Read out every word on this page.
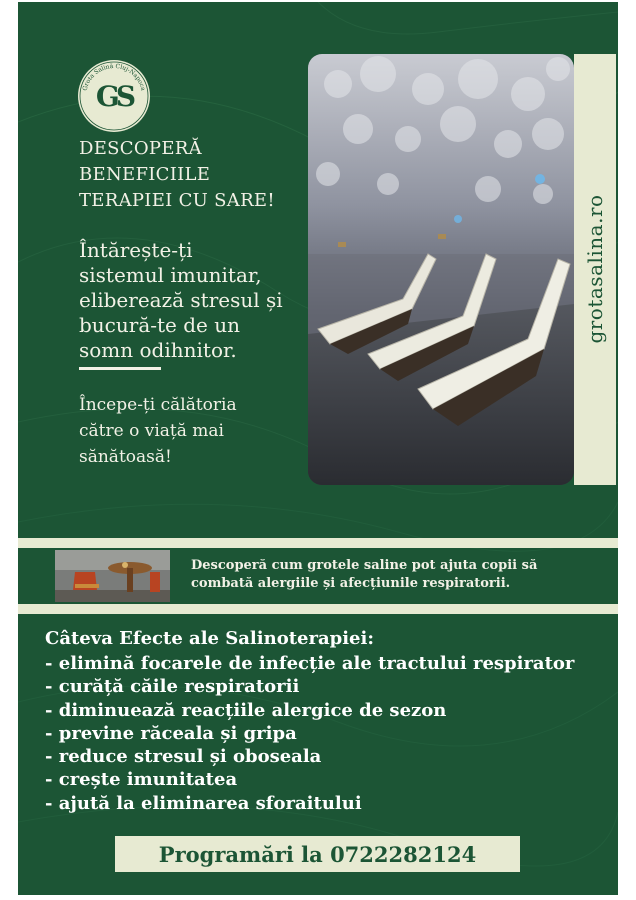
Grota Salină Cluj-Napoca
GS
DESCOPERĂ
BENEFICIILE
TERAPIEI CU SARE!
Întărește-ți
sistemul imunitar,
eliberează stresul și
bucură-te de un
somn odihnitor.
Începe-ți călătoria
către o viață mai
sănătoasă!
grotasalina.ro
Descoperă cum grotele saline pot ajuta copii să
combată alergiile și afecțiunile respiratorii.
Câteva Efecte ale Salinoterapiei:
- elimină focarele de infecție ale tractului respirator
- curăță căile respiratorii
- diminuează reacțiile alergice de sezon
- previne răceala și gripa
- reduce stresul și oboseala
- crește imunitatea
- ajută la eliminarea sforaitului
Programări la 0722282124
